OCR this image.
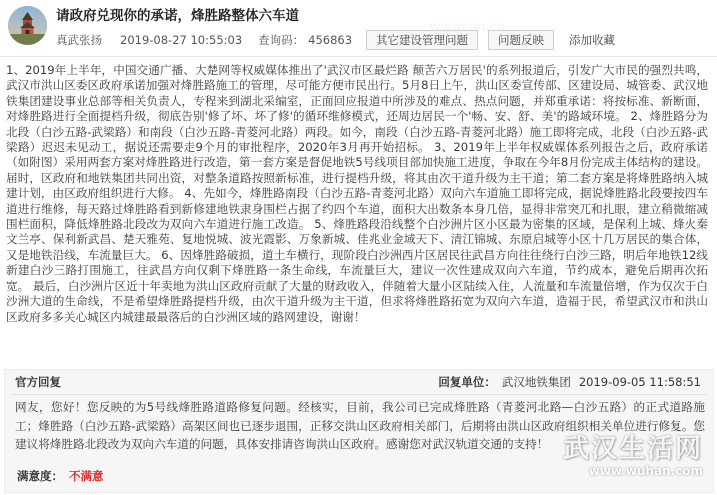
wwwcnn.cn
请政府兑现你的承诺，烽胜路整体六车道
真武张扬 2019-08-27 10:55:03 查询码： 456863	其它建设管理问题	问题反映	添加收藏
1、2019年上半年，中国交通广播、大楚网等权威媒体推出了'武汉市区最烂路 颠苦六万居民'的系列报道后，引发广大市民的强烈共鸣，武汉市洪山区委区政府承诺加强对烽胜路施工的管理，尽可能方便市民出行。5月8日上午，洪山区委宣传部、区建设局、城管委、武汉地铁集团建设事业总部等相关负责人，专程来到湖北采编室，正面回应报道中所涉及的难点、热点问题，并郑重承诺：将按标准、新断面，对烽胜路进行全面提档升级，彻底告别'修了坏、坏了修'的循环维修模式，还周边居民一个'畅、安、舒、美'的路域环境。 2、烽胜路分为北段（白沙五路-武梁路）和南段（白沙五路-青菱河北路）两段。如今，南段（白沙五路-青菱河北路）施工即将完成，北段（白沙五路-武梁路）迟迟未见动工，据说还需要走9个月的审批程序，2020年3月再开始招标。 3、2019年上半年权威媒体系列报告之后，政府承诺（如附图）采用两套方案对烽胜路进行改造，第一套方案是督促地铁5号线项目部加快施工进度，争取在今年8月份完成主体结构的建设。届时，区政府和地铁集团共同出资，对整条道路按照新标准，进行提档升级，将其由次干道升级为主干道；第二套方案是将烽胜路纳入城建计划，由区政府组织进行大修。 4、先如今，烽胜路南段（白沙五路-青菱河北路）双向六车道施工即将完成，据说烽胜路北段要按四车道进行维修，每天路过烽胜路看到新修建地铁隶身围栏占据了约四个车道，面积大出数条本身几倍，显得非常突兀和扎眼，建立稍微缩减围栏面积，降低烽胜路北段改为双向六车道进行施工改造。 5、烽胜路段沿线整个白沙洲片区小区最为密集的区域，是保利上城、烽火秦文兰亭、保利新武昌、楚天雅苑、复地悦城、波光霞影、万象新城、佳兆业金域天下、清江锦城、东原启城等小区十几万居民的集合体，又是地铁沿线，车流量巨大。 6、因烽胜路破损，道土车横行，现阶段白沙洲西片区居民往武昌方向往往绕行白沙三路，明后年地铁12线新建白沙三路打围施工，往武昌方向仅剩下烽胜路一条生命线，车流量巨大，建议一次性建成双向六车道，节约成本，避免后期再次拓宽。 最后，白沙洲片区近十年卖地为洪山区政府贡献了大量的财政收入，伴随着大量小区陆续入住，人流量和车流量倍增，作为仅次于白沙洲大道的生命线，不是希望烽胜路提档升级，由次干道升级为主干道，但求将烽胜路拓宽为双向六车道，造福于民，希望武汉市和洪山区政府多多关心城区内城建最最落后的白沙洲区域的路网建设，谢谢！
官方回复	回复单位： 武汉地铁集团 2019-09-05 11:58:51
网友，您好！您反映的为5号线烽胜路道路修复问题。经核实，目前，我公司已完成烽胜路（青菱河北路—白沙五路）的正式道路施工；烽胜路（白沙五路-武梁路）高架区间也已逐步退围，正移交洪山区政府相关部门，后期将由洪山区政府组织相关单位进行修复。您建议将烽胜路北段改为双向六车道的问题，具体安排请咨询洪山区政府。感谢您对武汉轨道交通的支持！
满意度： 不满意
武汉生活网
www.wuhan.com
